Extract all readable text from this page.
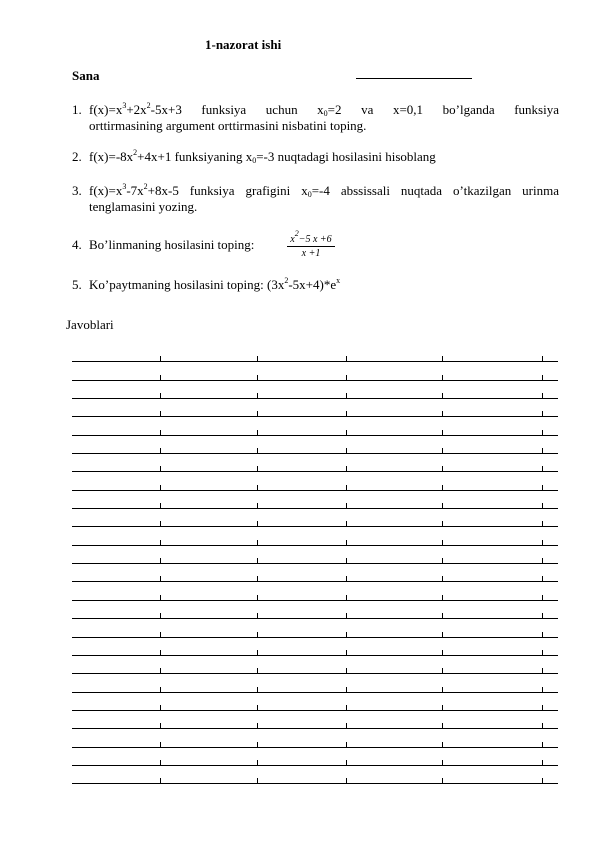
1-nazorat ishi
Sana
1. $f(x)=x^3+2x^2-5x+3$ funksiya uchun $x_0=2$ va x=0,1 bo’lganda funksiya
orttirmasining argument orttirmasini nisbatini toping.
2. $f(x)=-8x^2+4x+1$ funksiyaning $x_0=-3$ nuqtadagi hosilasini hisoblang
3. $f(x)=x^3-7x^2+8x-5$ funksiya grafigini $x_0=-4$ abssissali nuqtada o’tkazilgan urinma
tenglamasini yozing.
4. Bo’linmaning hosilasini toping:	$\frac{x^2-5 x +6}{x +1}$
5. Ko’paytmaning hosilasini toping: $(3x^2-5x+4)*e^x$
Javoblari
